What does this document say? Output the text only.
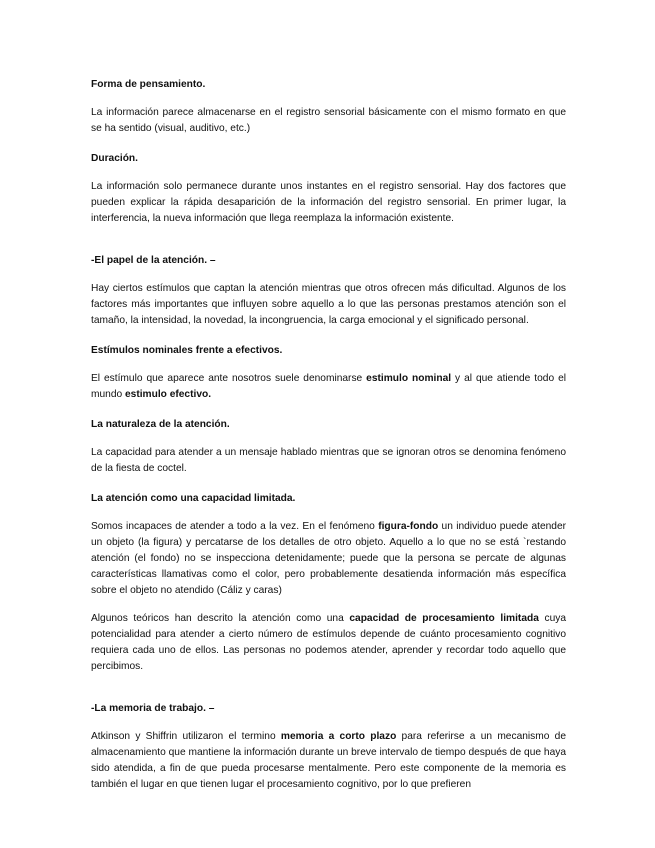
Forma de pensamiento.

La información parece almacenarse en el registro sensorial básicamente con el mismo formato en que se ha sentido (visual, auditivo, etc.)

Duración.

La información solo permanece durante unos instantes en el registro sensorial. Hay dos factores que pueden explicar la rápida desaparición de la información del registro sensorial. En primer lugar, la interferencia, la nueva información que llega reemplaza la información existente.

-El papel de la atención. –

Hay ciertos estímulos que captan la atención mientras que otros ofrecen más dificultad. Algunos de los factores más importantes que influyen sobre aquello a lo que las personas prestamos atención son el tamaño, la intensidad, la novedad, la incongruencia, la carga emocional y el significado personal.

Estímulos nominales frente a efectivos.

El estímulo que aparece ante nosotros suele denominarse estimulo nominal y al que atiende todo el mundo estimulo efectivo.

La naturaleza de la atención.

La capacidad para atender a un mensaje hablado mientras que se ignoran otros se denomina fenómeno de la fiesta de coctel.

La atención como una capacidad limitada.

Somos incapaces de atender a todo a la vez. En el fenómeno figura-fondo un individuo puede atender un objeto (la figura) y percatarse de los detalles de otro objeto. Aquello a lo que no se está `restando atención (el fondo) no se inspecciona detenidamente; puede que la persona se percate de algunas características llamativas como el color, pero probablemente desatienda información más específica sobre el objeto no atendido (Cáliz y caras)

Algunos teóricos han descrito la atención como una capacidad de procesamiento limitada cuya potencialidad para atender a cierto número de estímulos depende de cuánto procesamiento cognitivo requiera cada uno de ellos. Las personas no podemos atender, aprender y recordar todo aquello que percibimos.

-La memoria de trabajo. –

Atkinson y Shiffrin utilizaron el termino memoria a corto plazo para referirse a un mecanismo de almacenamiento que mantiene la información durante un breve intervalo de tiempo después de que haya sido atendida, a fin de que pueda procesarse mentalmente. Pero este componente de la memoria es también el lugar en que tienen lugar el procesamiento cognitivo, por lo que prefieren
